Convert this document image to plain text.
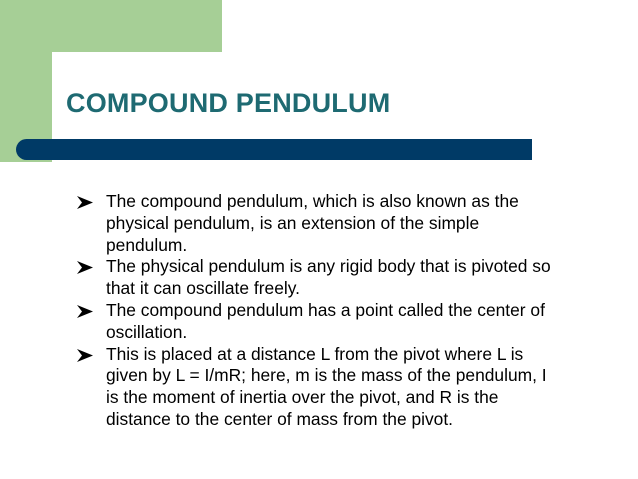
COMPOUND PENDULUM
The compound pendulum, which is also known as the physical pendulum, is an extension of the simple pendulum.
The physical pendulum is any rigid body that is pivoted so that it can oscillate freely.
The compound pendulum has a point called the center of oscillation.
This is placed at a distance L from the pivot where L is given by L = I/mR; here, m is the mass of the pendulum, I is the moment of inertia over the pivot, and R is the distance to the center of mass from the pivot.
